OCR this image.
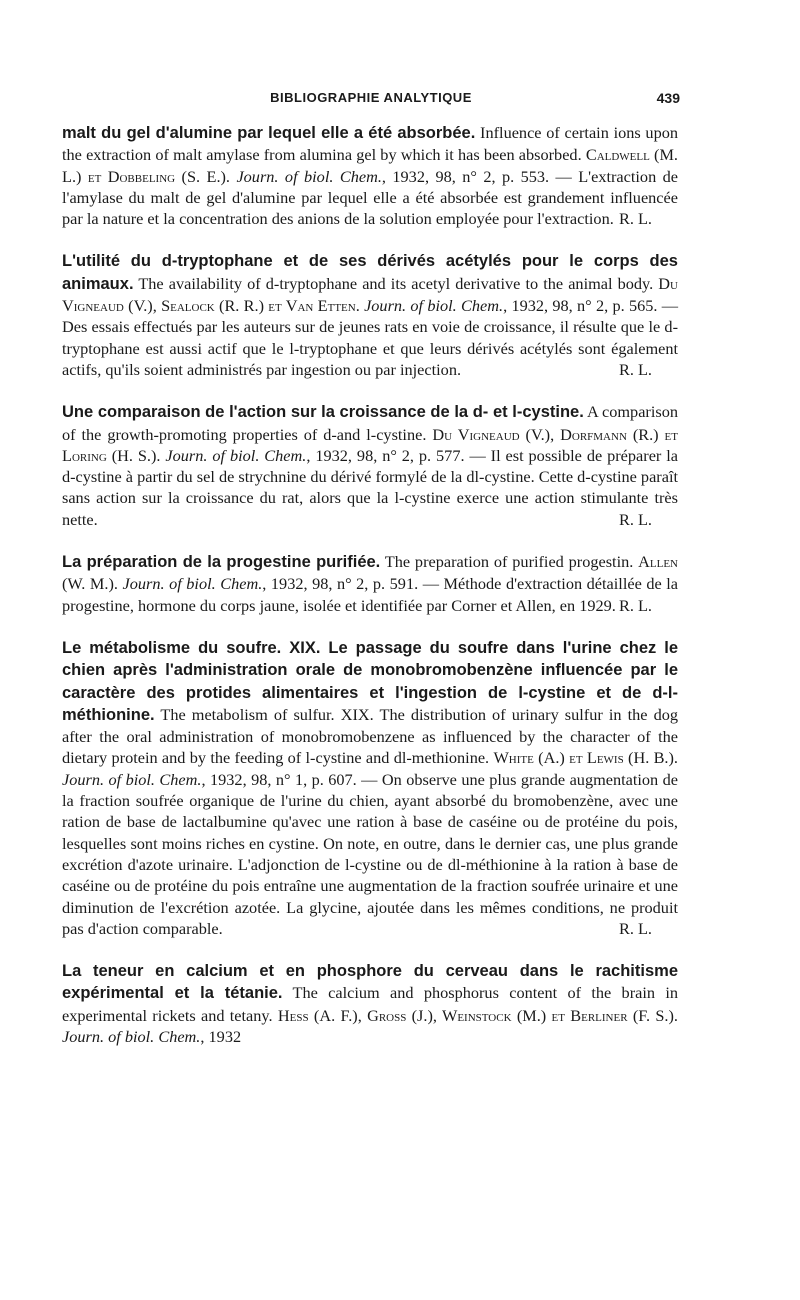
BIBLIOGRAPHIE ANALYTIQUE	439

malt du gel d'alumine par lequel elle a été absorbée. Influence of certain ions upon the extraction of malt amylase from alumina gel by which it has been absorbed. Caldwell (M. L.) et Dobbeling (S. E.). Journ. of biol. Chem., 1932, 98, n° 2, p. 553. — L'extraction de l'amylase du malt de gel d'alumine par lequel elle a été absorbée est grandement influencée par la nature et la concentration des anions de la solution employée pour l'extraction. R. L.

L'utilité du d-tryptophane et de ses dérivés acétylés pour le corps des animaux. The availability of d-tryptophane and its acetyl derivative to the animal body. Du Vigneaud (V.), Sealock (R. R.) et Van Etten. Journ. of biol. Chem., 1932, 98, n° 2, p. 565. — Des essais effectués par les auteurs sur de jeunes rats en voie de croissance, il résulte que le d-tryptophane est aussi actif que le l-tryptophane et que leurs dérivés acétylés sont également actifs, qu'ils soient administrés par ingestion ou par injection.	R. L.

Une comparaison de l'action sur la croissance de la d- et l-cystine. A comparison of the growth-promoting properties of d-and l-cystine. Du Vigneaud (V.), Dorfmann (R.) et Loring (H. S.). Journ. of biol. Chem., 1932, 98, n° 2, p. 577. — Il est possible de préparer la d-cystine à partir du sel de strychnine du dérivé formylé de la dl-cystine. Cette d-cystine paraît sans action sur la croissance du rat, alors que la l-cystine exerce une action stimulante très nette.	R. L.

La préparation de la progestine purifiée. The preparation of purified progestin. Allen (W. M.). Journ. of biol. Chem., 1932, 98, n° 2, p. 591. — Méthode d'extraction détaillée de la progestine, hormone du corps jaune, isolée et identifiée par Corner et Allen, en 1929. R. L.

Le métabolisme du soufre. XIX. Le passage du soufre dans l'urine chez le chien après l'administration orale de monobromobenzène influencée par le caractère des protides alimentaires et l'ingestion de l-cystine et de d-l-méthionine. The metabolism of sulfur. XIX. The distribution of urinary sulfur in the dog after the oral administration of monobromobenzene as influenced by the character of the dietary protein and by the feeding of l-cystine and dl-methionine. White (A.) et Lewis (H. B.). Journ. of biol. Chem., 1932, 98, n° 1, p. 607. — On observe une plus grande augmentation de la fraction soufrée organique de l'urine du chien, ayant absorbé du bromobenzène, avec une ration de base de lactalbumine qu'avec une ration à base de caséine ou de protéine du pois, lesquelles sont moins riches en cystine. On note, en outre, dans le dernier cas, une plus grande excrétion d'azote urinaire. L'adjonction de l-cystine ou de dl-méthionine à la ration à base de caséine ou de protéine du pois entraîne une augmentation de la fraction soufrée urinaire et une diminution de l'excrétion azotée. La glycine, ajoutée dans les mêmes conditions, ne produit pas d'action comparable.	R. L.

La teneur en calcium et en phosphore du cerveau dans le rachitisme expérimental et la tétanie. The calcium and phosphorus content of the brain in experimental rickets and tetany. Hess (A. F.), Gross (J.), Weinstock (M.) et Berliner (F. S.). Journ. of biol. Chem., 1932
